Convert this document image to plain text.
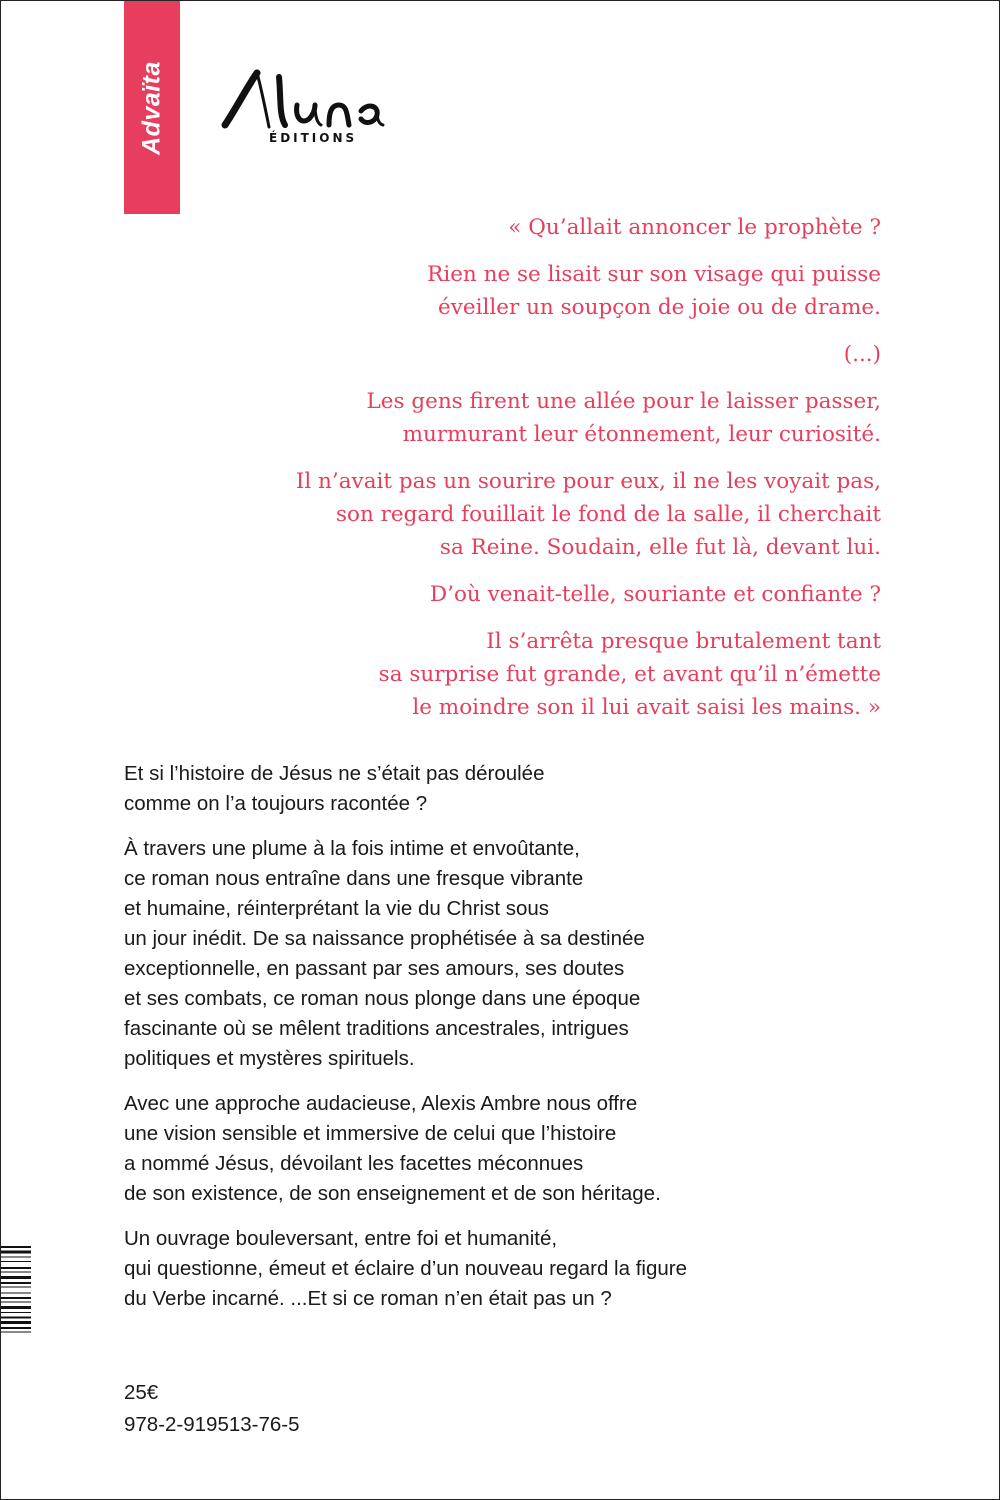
Advaïta	ÉDITIONS

« Qu’allait annoncer le prophète ?

Rien ne se lisait sur son visage qui puisse
éveiller un soupçon de joie ou de drame.

(...)

Les gens firent une allée pour le laisser passer,
murmurant leur étonnement, leur curiosité.

Il n’avait pas un sourire pour eux, il ne les voyait pas,
son regard fouillait le fond de la salle, il cherchait
sa Reine. Soudain, elle fut là, devant lui.

D’où venait-telle, souriante et confiante ?

Il s’arrêta presque brutalement tant
sa surprise fut grande, et avant qu’il n’émette
le moindre son il lui avait saisi les mains. »

Et si l’histoire de Jésus ne s’était pas déroulée
comme on l’a toujours racontée ?

À travers une plume à la fois intime et envoûtante,
ce roman nous entraîne dans une fresque vibrante
et humaine, réinterprétant la vie du Christ sous
un jour inédit. De sa naissance prophétisée à sa destinée
exceptionnelle, en passant par ses amours, ses doutes
et ses combats, ce roman nous plonge dans une époque
fascinante où se mêlent traditions ancestrales, intrigues
politiques et mystères spirituels.

Avec une approche audacieuse, Alexis Ambre nous offre
une vision sensible et immersive de celui que l’histoire
a nommé Jésus, dévoilant les facettes méconnues
de son existence, de son enseignement et de son héritage.

Un ouvrage bouleversant, entre foi et humanité,
qui questionne, émeut et éclaire d’un nouveau regard la figure
du Verbe incarné. ...Et si ce roman n’en était pas un ?

25€
978-2-919513-76-5
